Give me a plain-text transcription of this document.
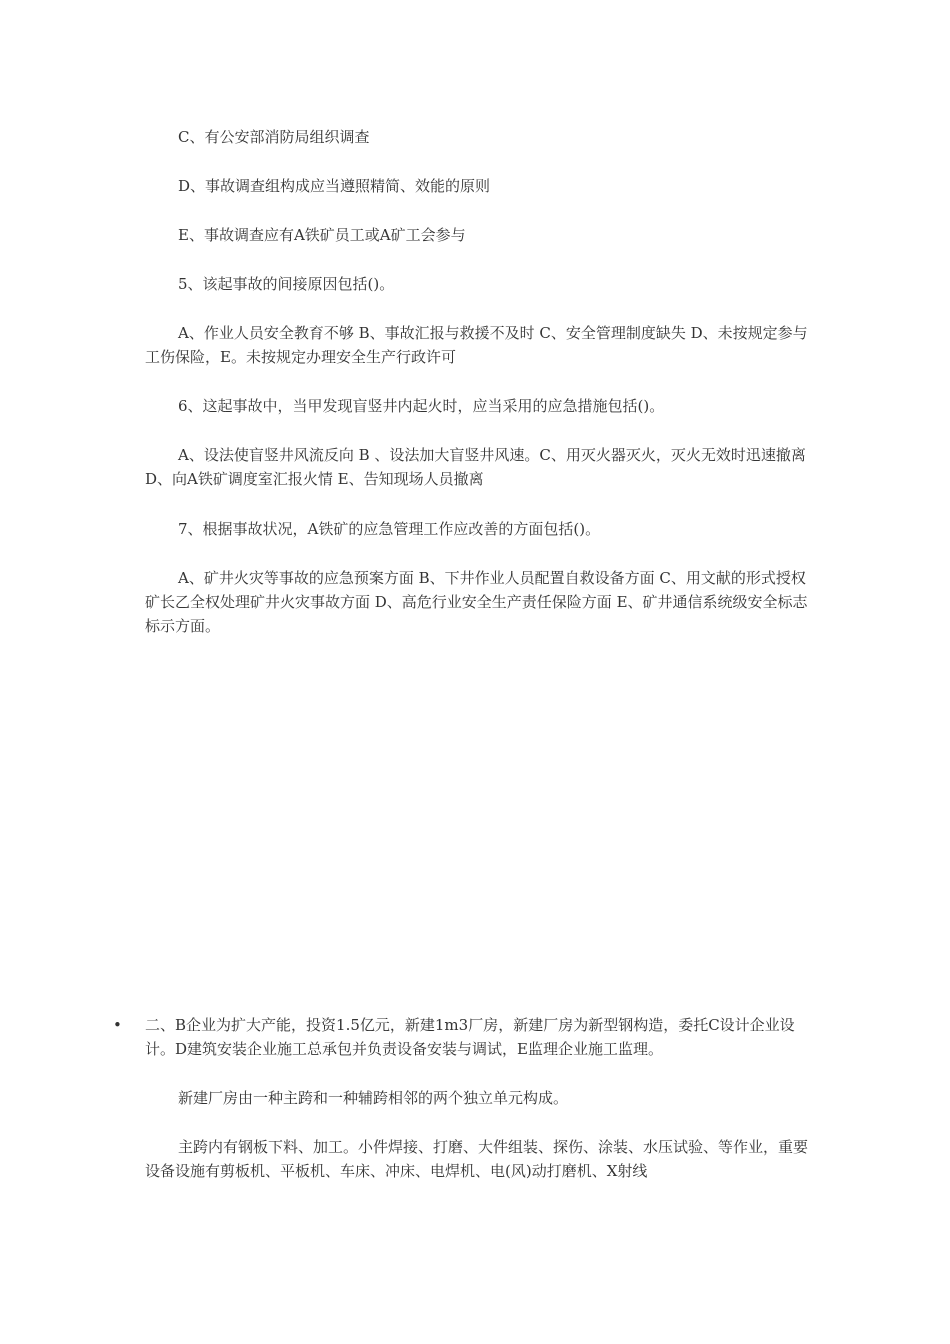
C、有公安部消防局组织调查

D、事故调查组构成应当遵照精简、效能的原则

E、事故调查应有A铁矿员工或A矿工会参与

5、该起事故的间接原因包括()。

A、作业人员安全教育不够 B、事故汇报与救援不及时 C、安全管理制度缺失 D、未按规定参与工伤保险，E。未按规定办理安全生产行政许可

6、这起事故中，当甲发现盲竖井内起火时，应当采用的应急措施包括()。

A、设法使盲竖井风流反向 B 、设法加大盲竖井风速。C、用灭火器灭火，灭火无效时迅速撤离 D、向A铁矿调度室汇报火情 E、告知现场人员撤离

7、根据事故状况，A铁矿的应急管理工作应改善的方面包括()。

A、矿井火灾等事故的应急预案方面 B、下井作业人员配置自救设备方面 C、用文献的形式授权矿长乙全权处理矿井火灾事故方面 D、高危行业安全生产责任保险方面 E、矿井通信系统级安全标志标示方面。

• 二、B企业为扩大产能，投资1.5亿元，新建1m3厂房，新建厂房为新型钢构造，委托C设计企业设计。D建筑安装企业施工总承包并负责设备安装与调试，E监理企业施工监理。

新建厂房由一种主跨和一种辅跨相邻的两个独立单元构成。

主跨内有钢板下料、加工。小件焊接、打磨、大件组装、探伤、涂装、水压试验、等作业，重要设备设施有剪板机、平板机、车床、冲床、电焊机、电(风)动打磨机、X射线
